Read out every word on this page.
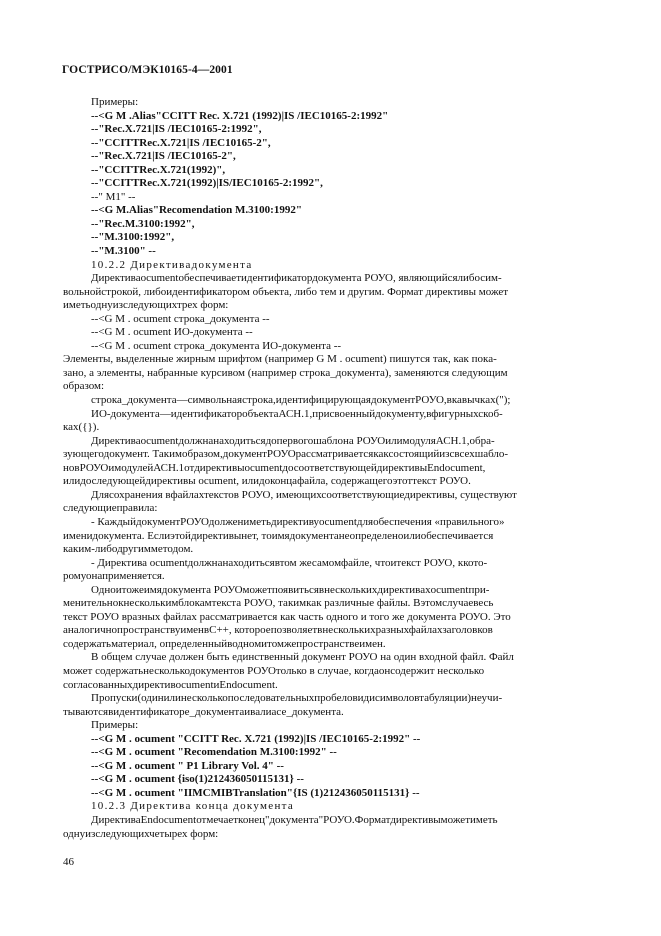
ГОСТРИСО/МЭК10165-4—2001

Примеры:

--<G M .Alias"CCITT Rec. X.721 (1992)|IS /IEC10165-2:1992"

--"Rec.X.721|IS /IEC10165-2:1992",

--"CCITTRec.X.721|IS /IEC10165-2",

--"Rec.X.721|IS /IEC10165-2",

--"CCITTRec.X.721(1992)",

--"CCITTRec.X.721(1992)|IS/IEC10165-2:1992",

--" M1" --

--<G M.Alias"Recomendation M.3100:1992"

--"Rec.M.3100:1992",

--"M.3100:1992",

--"M.3100" --

10.2.2 Директивадокумента

Директиваocumentобеспечиваетидентификатордокумента РОУО, являющийсялибосим-

вольнойстрокой, либоидентификатором объекта, либо тем и другим. Формат директивы может

иметьоднуизследующихтрех форм:

--<G M . ocument строка_документа --

--<G M . ocument ИО-документа --

--<G M . ocument строка_документа ИО-документа --

Элементы, выделенные жирным шрифтом (например G M . ocument) пишутся так, как пока-

зано, а элементы, набранные курсивом (например строка_документа), заменяются следующим

образом:

строка_документа—символьнаястрока,идентифицирующаядокументРОУО,вкавычках(");

ИО-документа—идентификаторобъектаАСН.1,присвоенныйдокументу,вфигурныхскоб-

ках({}).

Директиваocumentдолжнанаходитьсядопервогошаблона РОУОилимодуляАСН.1,обра-

зующегодокумент. Такимобразом,документРОУОрассматриваетсякаксостоящийизсвсехшабло-

новРОУОимодулейАСН.1отдирективыocumentдосоответствующейдирективыEndocument,

илидоследующейдирективы ocument, илидоконцафайла, содержащегоэтоттекст РОУО.

Длясохранения вфайлахтекстов РОУО, имеющихсоответствующиедирективы, существуют

следующиеправила:

- КаждыйдокументРОУОдолжениметьдирективуocumentдляобеспечения «правильного»

именидокумента. Еслиэтойдирективынет, тоимядокументанеопределеноилиобеспечивается

каким-либодругимметодом.

- Директива ocumentдолжнанаходитьсявтом жесамомфайле, чтоитекст РОУО, ккото-

ромуонаприменяется.

Одноитожеимядокумента РОУОможетпоявитьсявнесколькихдирективахocumentпри-

менительнокнесколькимблокамтекста РОУО, такимкак различные файлы. Вэтомслучаевесь

текст РОУО вразных файлах рассматривается как часть одного и того же документа РОУО. Это

аналогичнопространствуименвС++, котороепозволяетвнесколькихразныхфайлахзаголовков

содержатьматериал, определенныйводномитомжепространствеимен.

В общем случае должен быть единственный документ РОУО на один входной файл. Файл

может содержатьнесколькодокументов РОУОтолько в случае, когдаонсодержит несколько

согласованныхдирективocumentиEndocument.

Пропуски(одинилинесколькопоследовательныхпробеловидисимволовтабуляции)неучи-

тываютсявидентификаторе_документаивалиасе_документа.

Примеры:

--<G M . ocument "CCITT Rec. X.721 (1992)|IS /IEC10165-2:1992" --

--<G M . ocument "Recomendation M.3100:1992" --

--<G M . ocument " P1 Library Vol. 4" --

--<G M . ocument {iso(1)212436050115131} --

--<G M . ocument "IIMCMIBTranslation"{IS (1)212436050115131} --

10.2.3 Директива конца документа

ДирективаEndocumentотмечаетконец"документа"РОУО.Форматдирективыможетиметь

однуизследующихчетырех форм:

46
